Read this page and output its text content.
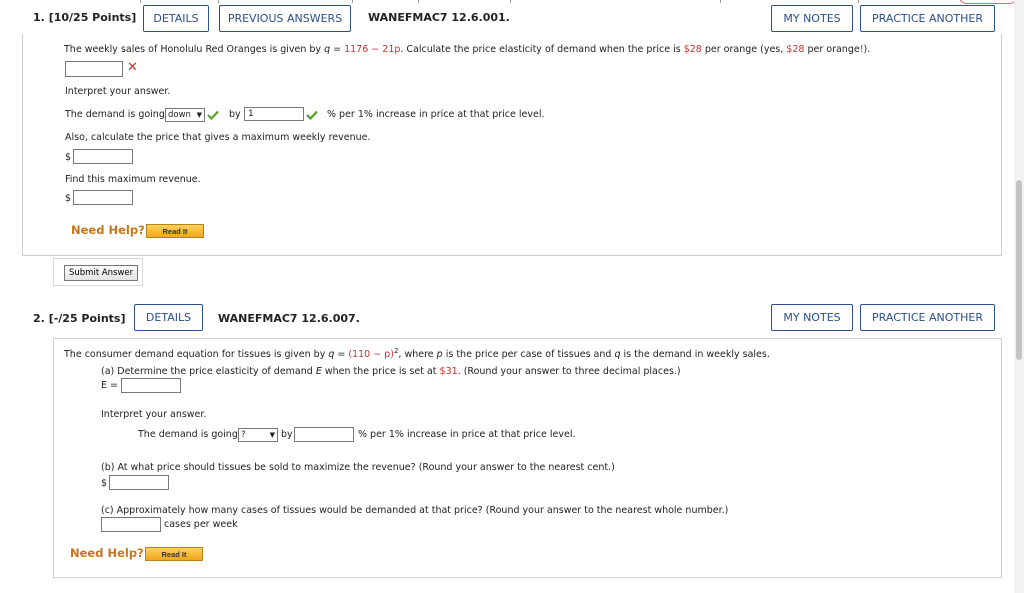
1. [10/25 Points]	DETAILS	PREVIOUS ANSWERS	WANEFMAC7 12.6.001.	MY NOTES	PRACTICE ANOTHER
The weekly sales of Honolulu Red Oranges is given by q = 1176 − 21p. Calculate the price elasticity of demand when the price is $28 per orange (yes, $28 per orange!).
✕
Interpret your answer.
The demand is going down ▼	by 1	% per 1% increase in price at that price level.
Also, calculate the price that gives a maximum weekly revenue.
$
Find this maximum revenue.
$
Need Help?	Read It
Submit Answer
2. [-/25 Points]	DETAILS	WANEFMAC7 12.6.007.	MY NOTES	PRACTICE ANOTHER
The consumer demand equation for tissues is given by $q = (110 - p)^2$, where p is the price per case of tissues and q is the demand in weekly sales.
(a) Determine the price elasticity of demand E when the price is set at $31. (Round your answer to three decimal places.)
E =
Interpret your answer.
The demand is going ?	▼ by	% per 1% increase in price at that price level.
(b) At what price should tissues be sold to maximize the revenue? (Round your answer to the nearest cent.)
$
(c) Approximately how many cases of tissues would be demanded at that price? (Round your answer to the nearest whole number.)
cases per week
Need Help?	Read It
